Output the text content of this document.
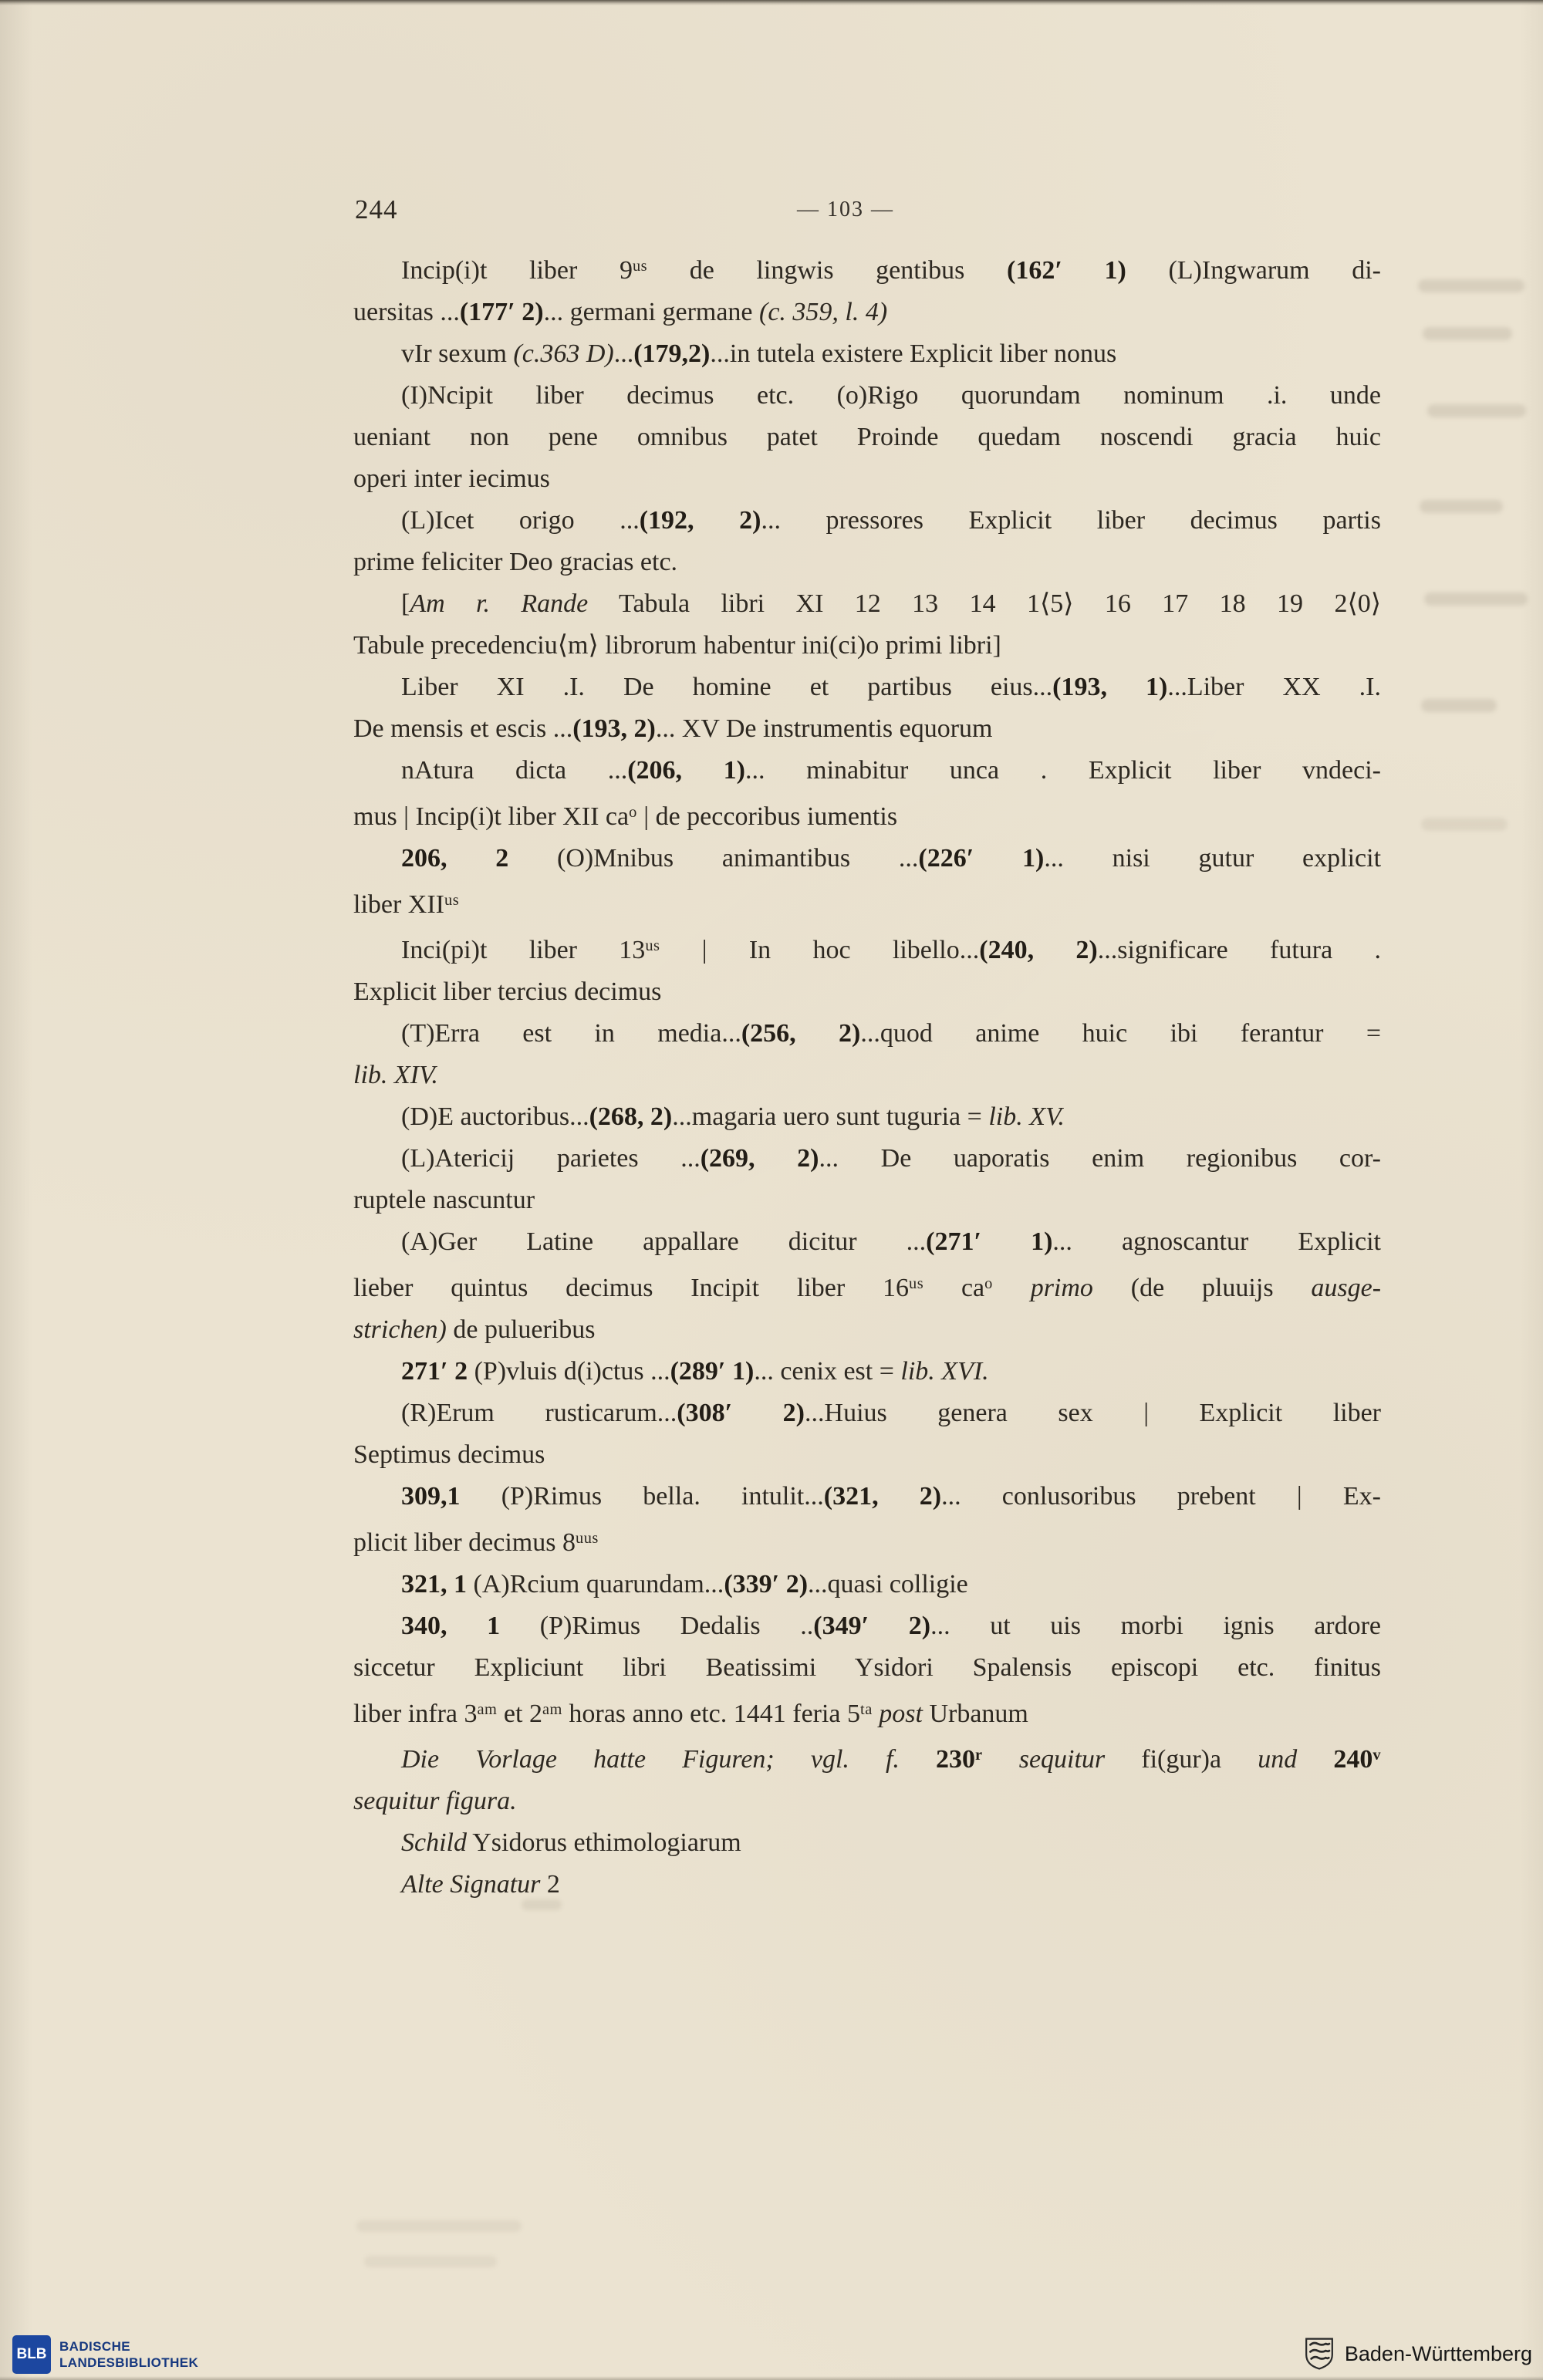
244	— 103 —
Incip(i)t liber $9^{us}$ de lingwis gentibus (162′ 1) (L)Ingwarum di-
uersitas ...(177′ 2)... germani germane (c. 359, l. 4)
vIr sexum (c.363 D)...(179,2)...in tutela existere Explicit liber nonus
(I)Ncipit liber decimus etc. (o)Rigo quorundam nominum .i. unde
ueniant non pene omnibus patet Proinde quedam noscendi gracia huic
operi inter iecimus
(L)Icet origo ...(192, 2)... pressores Explicit liber decimus partis
prime feliciter Deo gracias etc.
[Am r. Rande Tabula libri XI 12 13 14 1⟨5⟩ 16 17 18 19 2⟨0⟩
Tabule precedenciu⟨m⟩ librorum habentur ini(ci)o primi libri]
Liber XI .I. De homine et partibus eius...(193, 1)...Liber XX .I.
De mensis et escis ...(193, 2)... XV De instrumentis equorum
nAtura dicta ...(206, 1)... minabitur unca . Explicit liber vndeci-
mus | Incip(i)t liber XII $ca^o$ | de peccoribus iumentis
206, 2 (O)Mnibus animantibus ...(226′ 1)... nisi gutur explicit
liber $XII^{us}$
Inci(pi)t liber $13^{us}$ | In hoc libello...(240, 2)...significare futura .
Explicit liber tercius decimus
(T)Erra est in media...(256, 2)...quod anime huic ibi ferantur =
lib. XIV.
(D)E auctoribus...(268, 2)...magaria uero sunt tuguria = lib. XV.
(L)Atericij parietes ...(269, 2)... De uaporatis enim regionibus cor-
ruptele nascuntur
(A)Ger Latine appallare dicitur ...(271′ 1)... agnoscantur Explicit
lieber quintus decimus Incipit liber $16^{us}$ $ca^o$ primo (de pluuijs ausge-
strichen) de pulueribus
271′ 2 (P)vluis d(i)ctus ...(289′ 1)... cenix est = lib. XVI.
(R)Erum rusticarum...(308′ 2)...Huius genera sex | Explicit liber
Septimus decimus
309,1 (P)Rimus bella. intulit...(321, 2)... conlusoribus prebent | Ex-
plicit liber decimus $8^{uus}$
321, 1 (A)Rcium quarundam...(339′ 2)...quasi colligie
340, 1 (P)Rimus Dedalis ..(349′ 2)... ut uis morbi ignis ardore
siccetur Expliciunt libri Beatissimi Ysidori Spalensis episcopi etc. finitus
liber infra $3^{am}$ et $2^{am}$ horas anno etc. 1441 feria $5^{ta}$ post Urbanum
Die Vorlage hatte Figuren; vgl. f. 230$^r$ sequitur fi(gur)a und 240$^v$
sequitur figura.
Schild Ysidorus ethimologiarum
Alte Signatur 2
BLB BADISCHE
LANDESBIBLIOTHEK	Baden-Württemberg
